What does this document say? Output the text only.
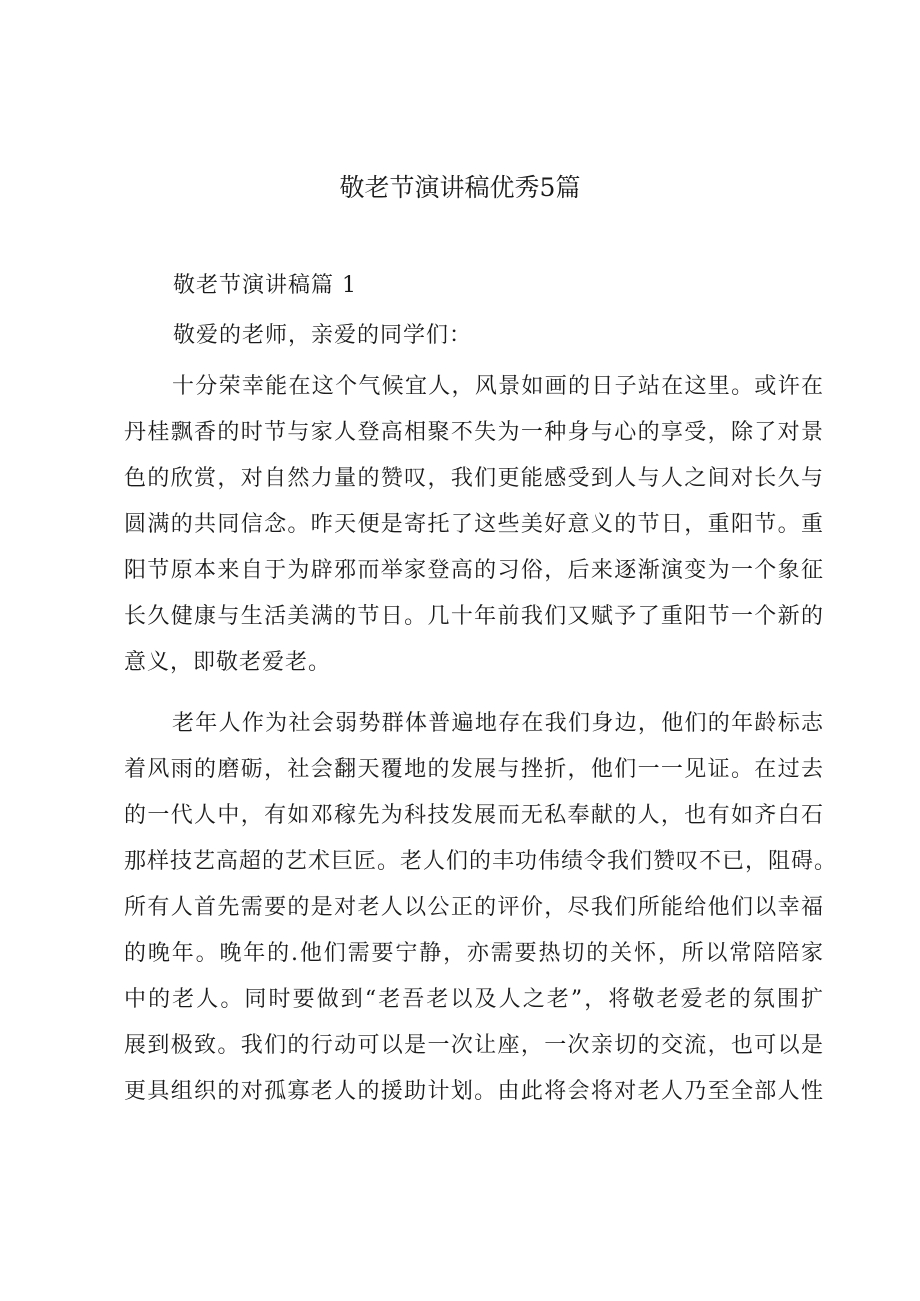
敬老节演讲稿优秀5篇
敬老节演讲稿篇 1
敬爱的老师，亲爱的同学们：
十分荣幸能在这个气候宜人，风景如画的日子站在这里。或许在
丹桂飘香的时节与家人登高相聚不失为一种身与心的享受，除了对景
色的欣赏，对自然力量的赞叹，我们更能感受到人与人之间对长久与
圆满的共同信念。昨天便是寄托了这些美好意义的节日，重阳节。重
阳节原本来自于为辟邪而举家登高的习俗，后来逐渐演变为一个象征
长久健康与生活美满的节日。几十年前我们又赋予了重阳节一个新的
意义，即敬老爱老。
老年人作为社会弱势群体普遍地存在我们身边，他们的年龄标志
着风雨的磨砺，社会翻天覆地的发展与挫折，他们一一见证。在过去
的一代人中，有如邓稼先为科技发展而无私奉献的人，也有如齐白石
那样技艺高超的艺术巨匠。老人们的丰功伟绩令我们赞叹不已，阻碍。
所有人首先需要的是对老人以公正的评价，尽我们所能给他们以幸福
的晚年。晚年的.他们需要宁静，亦需要热切的关怀，所以常陪陪家
中的老人。同时要做到“老吾老以及人之老”，将敬老爱老的氛围扩
展到极致。我们的行动可以是一次让座，一次亲切的交流，也可以是
更具组织的对孤寡老人的援助计划。由此将会将对老人乃至全部人性
